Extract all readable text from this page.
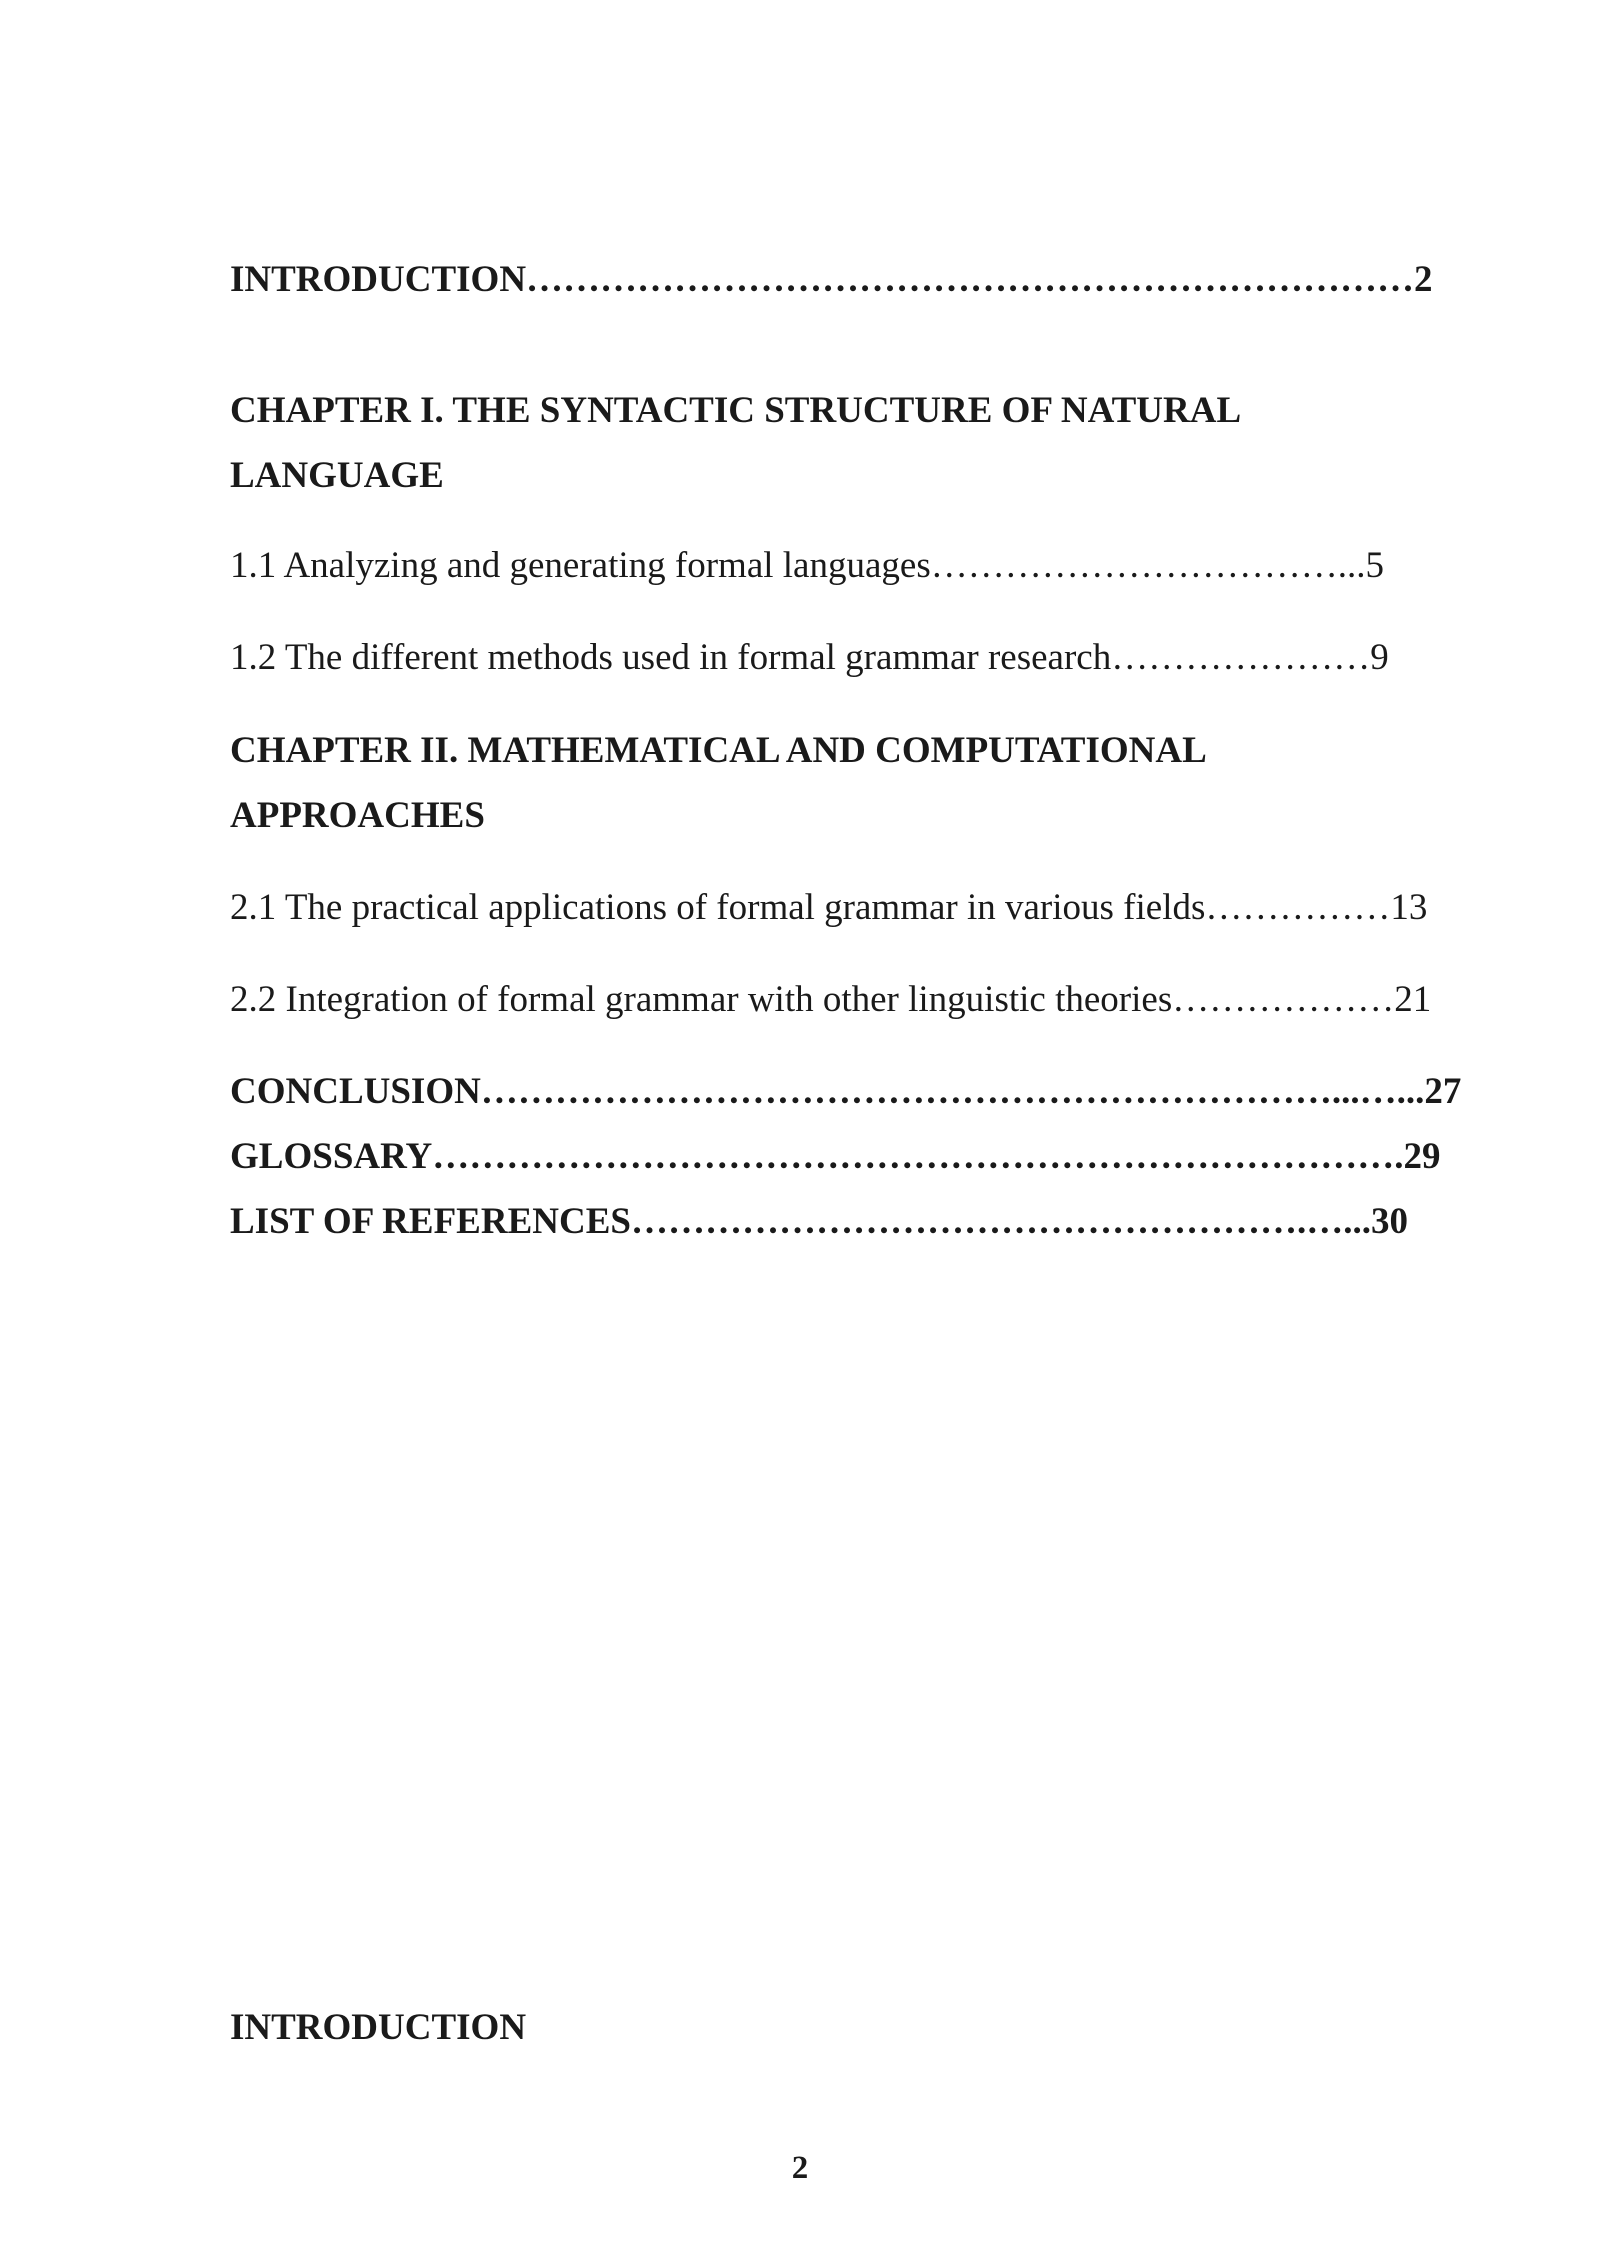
INTRODUCTION………………………………………………………………2
CHAPTER I. THE SYNTACTIC STRUCTURE OF NATURAL
LANGUAGE
1.1 Analyzing and generating formal languages……………………………...5
1.2 The different methods used in formal grammar research…………………9
CHAPTER II. MATHEMATICAL AND COMPUTATIONAL
APPROACHES
2.1 The practical applications of formal grammar in various fields……………13
2.2 Integration of formal grammar with other linguistic theories………………21
CONCLUSION……………………………………………………………...…...27
GLOSSARY…………………………………………………………………….29
LIST OF REFERENCES……………………………………………….…...30
INTRODUCTION
2
